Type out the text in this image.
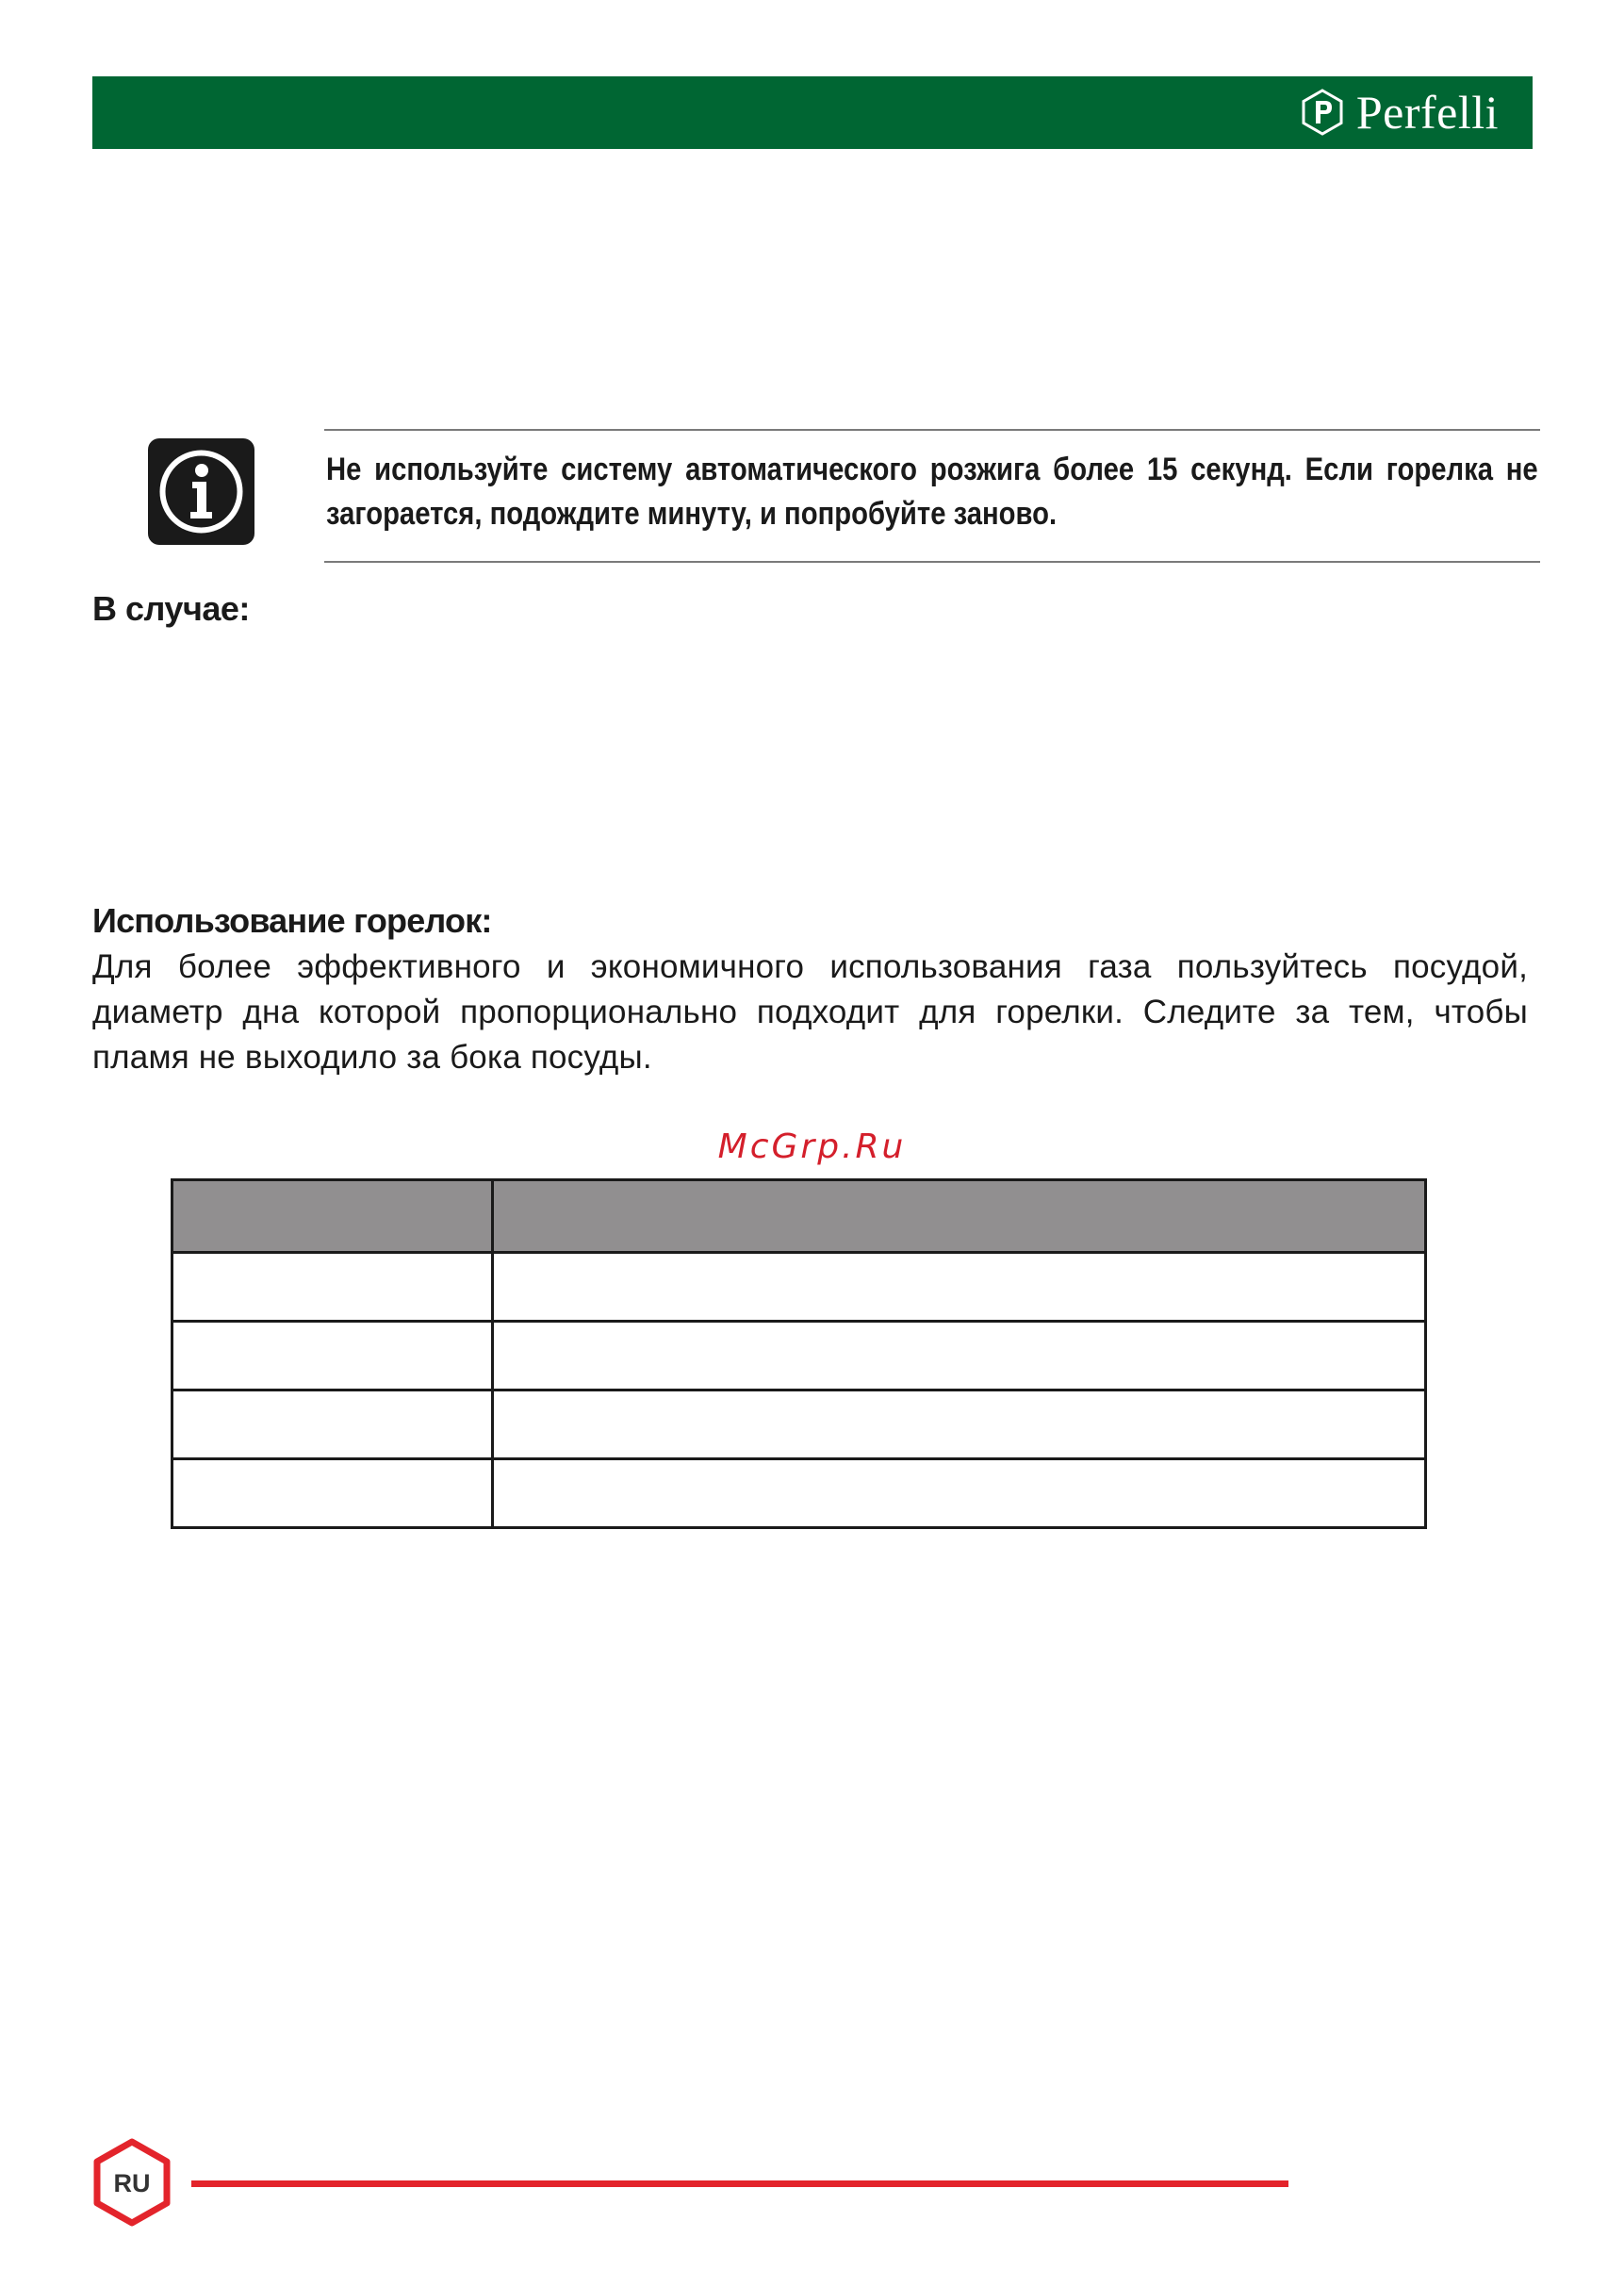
Perfelli
Не используйте систему автоматического розжига более 15 секунд. Если горелка не загорается, подождите минуту, и попробуйте заново.
В случае:
Использование горелок:
Для более эффективного и экономичного использования газа пользуйтесь посудой, диаметр дна которой пропорционально подходит для горелки. Следите за тем, чтобы пламя не выходило за бока посуды.
McGrp.Ru

RU
